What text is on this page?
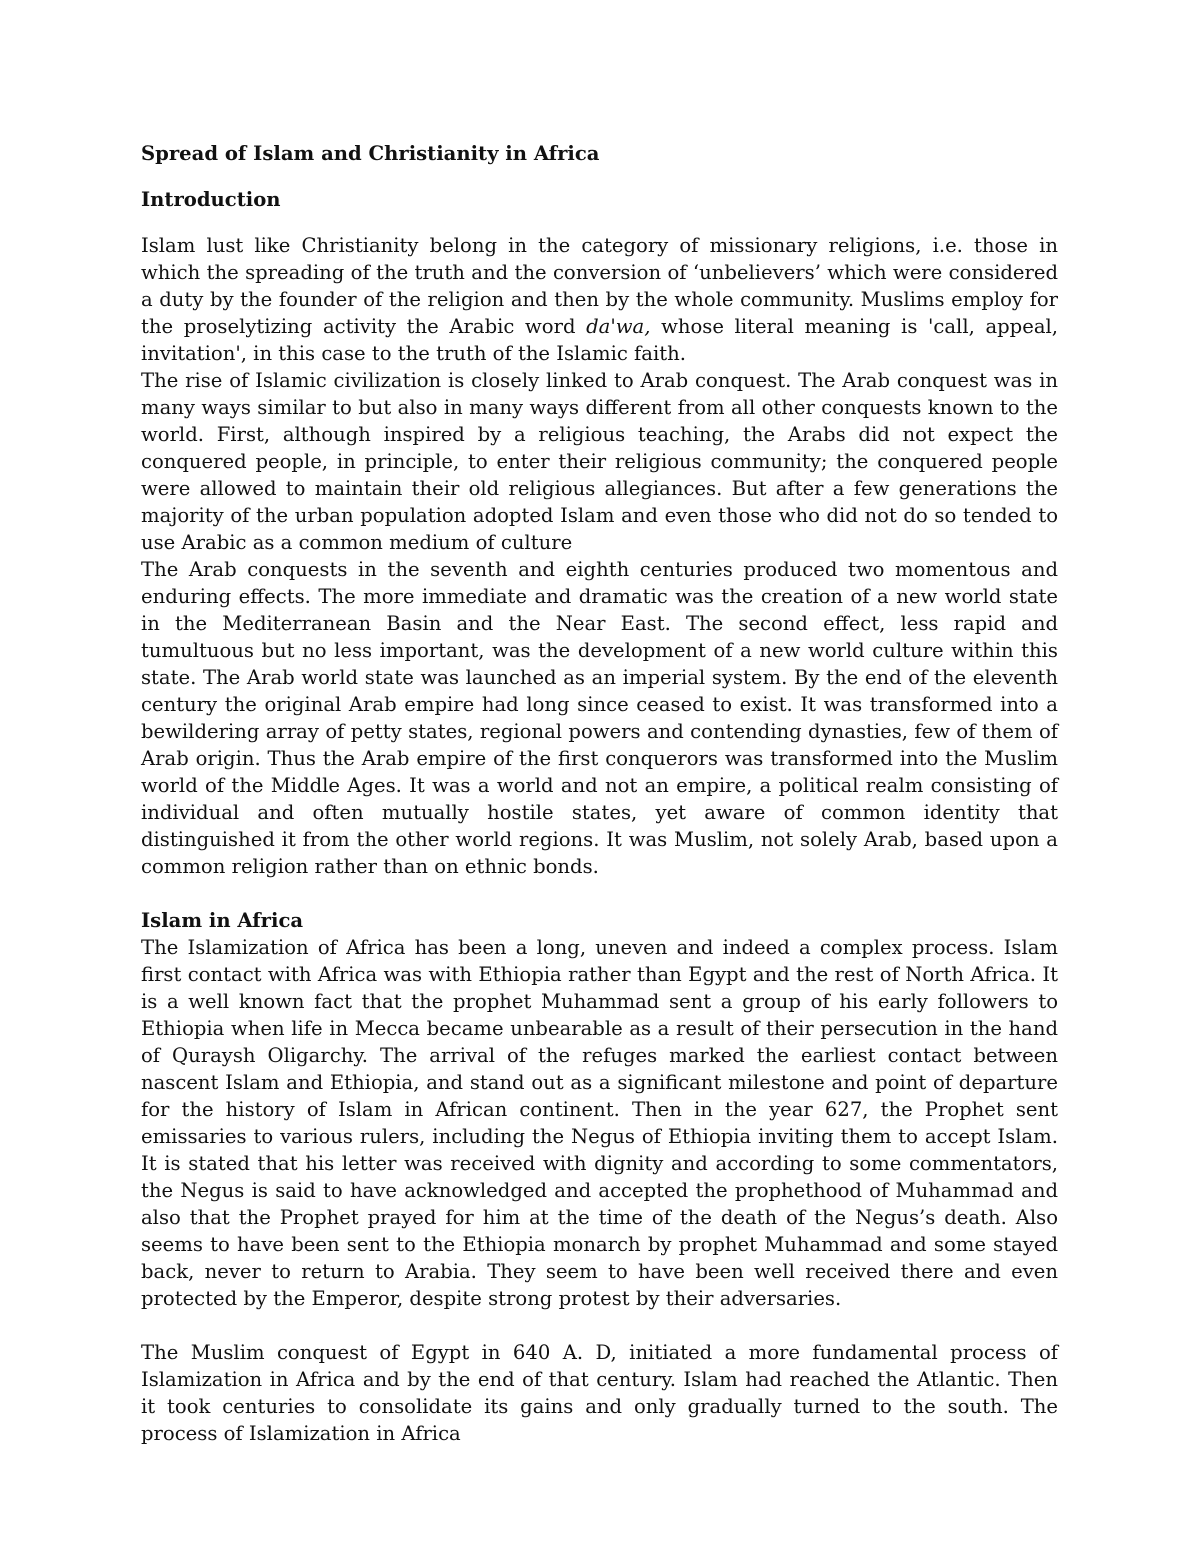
Spread of Islam and Christianity in Africa
Introduction

Islam lust like Christianity belong in the category of missionary religions, i.e. those in which the spreading of the truth and the conversion of ‘unbelievers’ which were considered a duty by the founder of the religion and then by the whole community. Muslims employ for the proselytizing activity the Arabic word da'wa, whose literal meaning is 'call, appeal, invitation', in this case to the truth of the Islamic faith.

The rise of Islamic civilization is closely linked to Arab conquest. The Arab conquest was in many ways similar to but also in many ways different from all other conquests known to the world. First, although inspired by a religious teaching, the Arabs did not expect the conquered people, in principle, to enter their religious community; the conquered people were allowed to maintain their old religious allegiances. But after a few generations the majority of the urban population adopted Islam and even those who did not do so tended to use Arabic as a common medium of culture

The Arab conquests in the seventh and eighth centuries produced two momentous and enduring effects. The more immediate and dramatic was the creation of a new world state in the Mediterranean Basin and the Near East. The second effect, less rapid and tumultuous but no less important, was the development of a new world culture within this state. The Arab world state was launched as an imperial system. By the end of the eleventh century the original Arab empire had long since ceased to exist. It was transformed into a bewildering array of petty states, regional powers and contending dynasties, few of them of Arab origin. Thus the Arab empire of the first conquerors was transformed into the Muslim world of the Middle Ages. It was a world and not an empire, a political realm consisting of individual and often mutually hostile states, yet aware of common identity that distinguished it from the other world regions. It was Muslim, not solely Arab, based upon a common religion rather than on ethnic bonds.

Islam in Africa

The Islamization of Africa has been a long, uneven and indeed a complex process. Islam first contact with Africa was with Ethiopia rather than Egypt and the rest of North Africa. It is a well known fact that the prophet Muhammad sent a group of his early followers to Ethiopia when life in Mecca became unbearable as a result of their persecution in the hand of Quraysh Oligarchy. The arrival of the refuges marked the earliest contact between nascent Islam and Ethiopia, and stand out as a significant milestone and point of departure for the history of Islam in African continent. Then in the year 627, the Prophet sent emissaries to various rulers, including the Negus of Ethiopia inviting them to accept Islam. It is stated that his letter was received with dignity and according to some commentators, the Negus is said to have acknowledged and accepted the prophethood of Muhammad and also that the Prophet prayed for him at the time of the death of the Negus’s death. Also seems to have been sent to the Ethiopia monarch by prophet Muhammad and some stayed back, never to return to Arabia. They seem to have been well received there and even protected by the Emperor, despite strong protest by their adversaries.

The Muslim conquest of Egypt in 640 A. D, initiated a more fundamental process of Islamization in Africa and by the end of that century. Islam had reached the Atlantic. Then it took centuries to consolidate its gains and only gradually turned to the south. The process of Islamization in Africa
